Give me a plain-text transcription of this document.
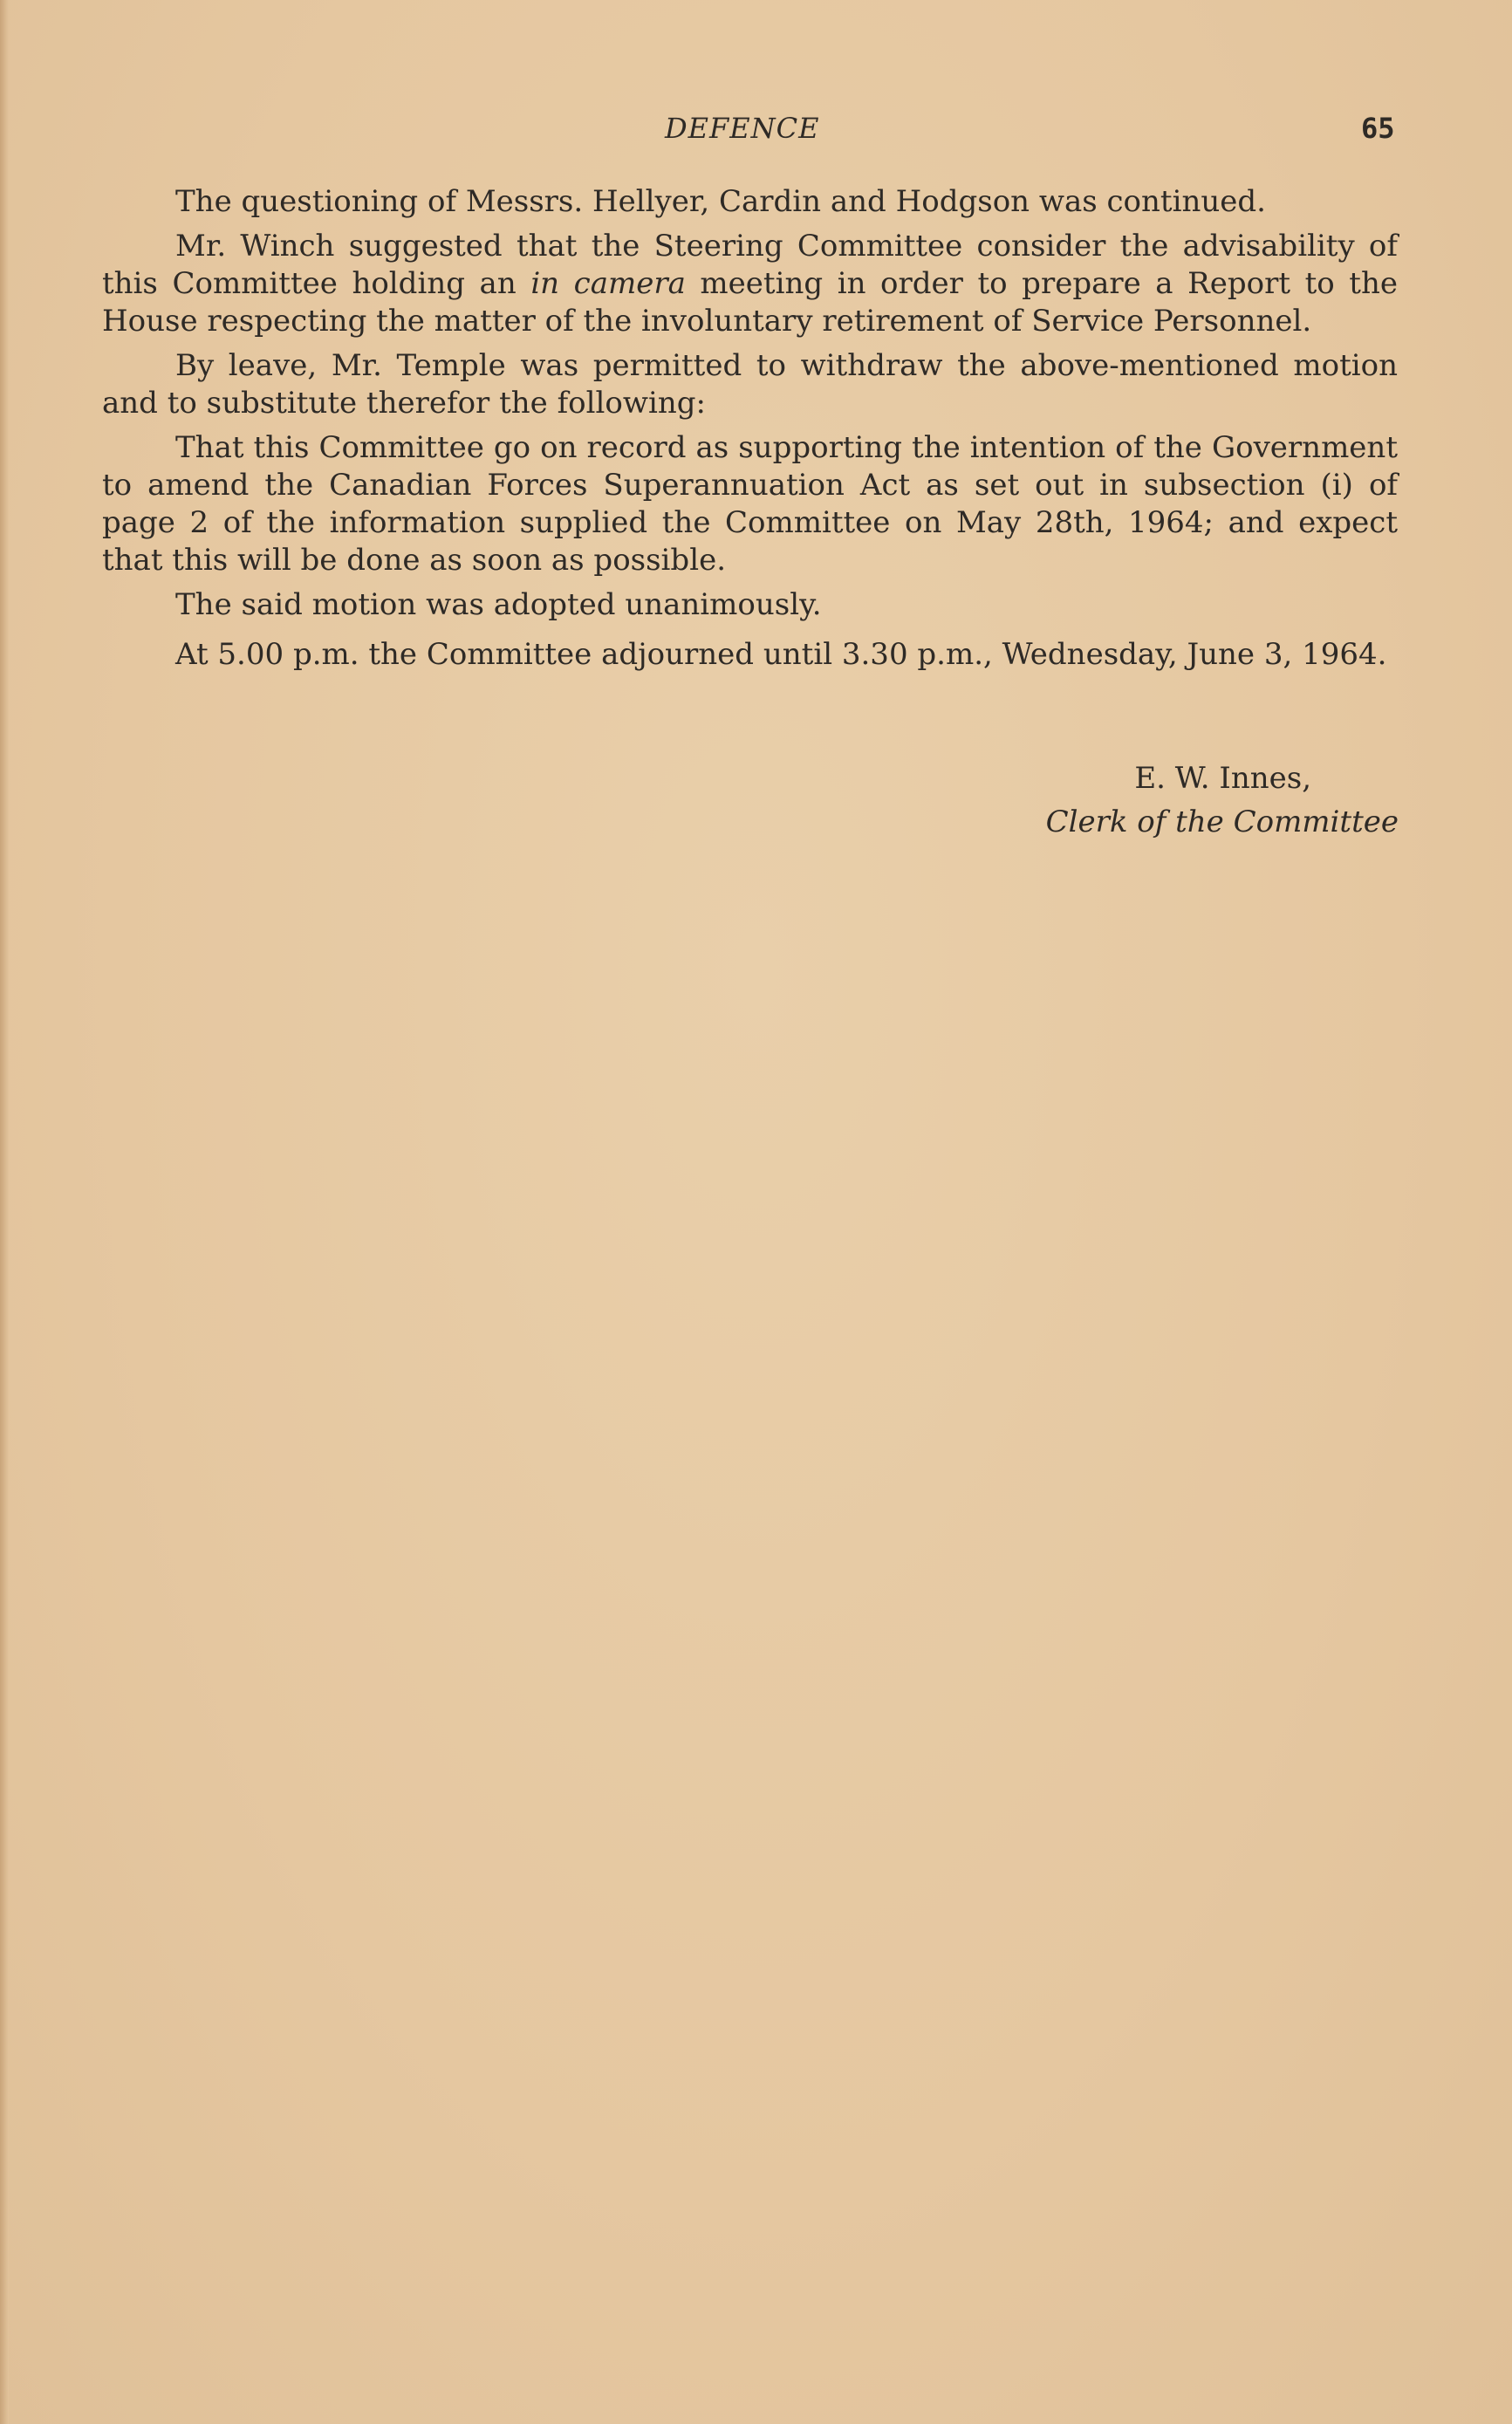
DEFENCE	65

The questioning of Messrs. Hellyer, Cardin and Hodgson was continued.

Mr. Winch suggested that the Steering Committee consider the advisability of this Committee holding an in camera meeting in order to prepare a Report to the House respecting the matter of the involuntary retirement of Service Personnel.

By leave, Mr. Temple was permitted to withdraw the above-mentioned motion and to substitute therefor the following:

That this Committee go on record as supporting the intention of the Government to amend the Canadian Forces Superannuation Act as set out in subsection (i) of page 2 of the information supplied the Committee on May 28th, 1964; and expect that this will be done as soon as possible.

The said motion was adopted unanimously.

At 5.00 p.m. the Committee adjourned until 3.30 p.m., Wednesday, June 3, 1964.

E. W. Innes,
Clerk of the Committee
